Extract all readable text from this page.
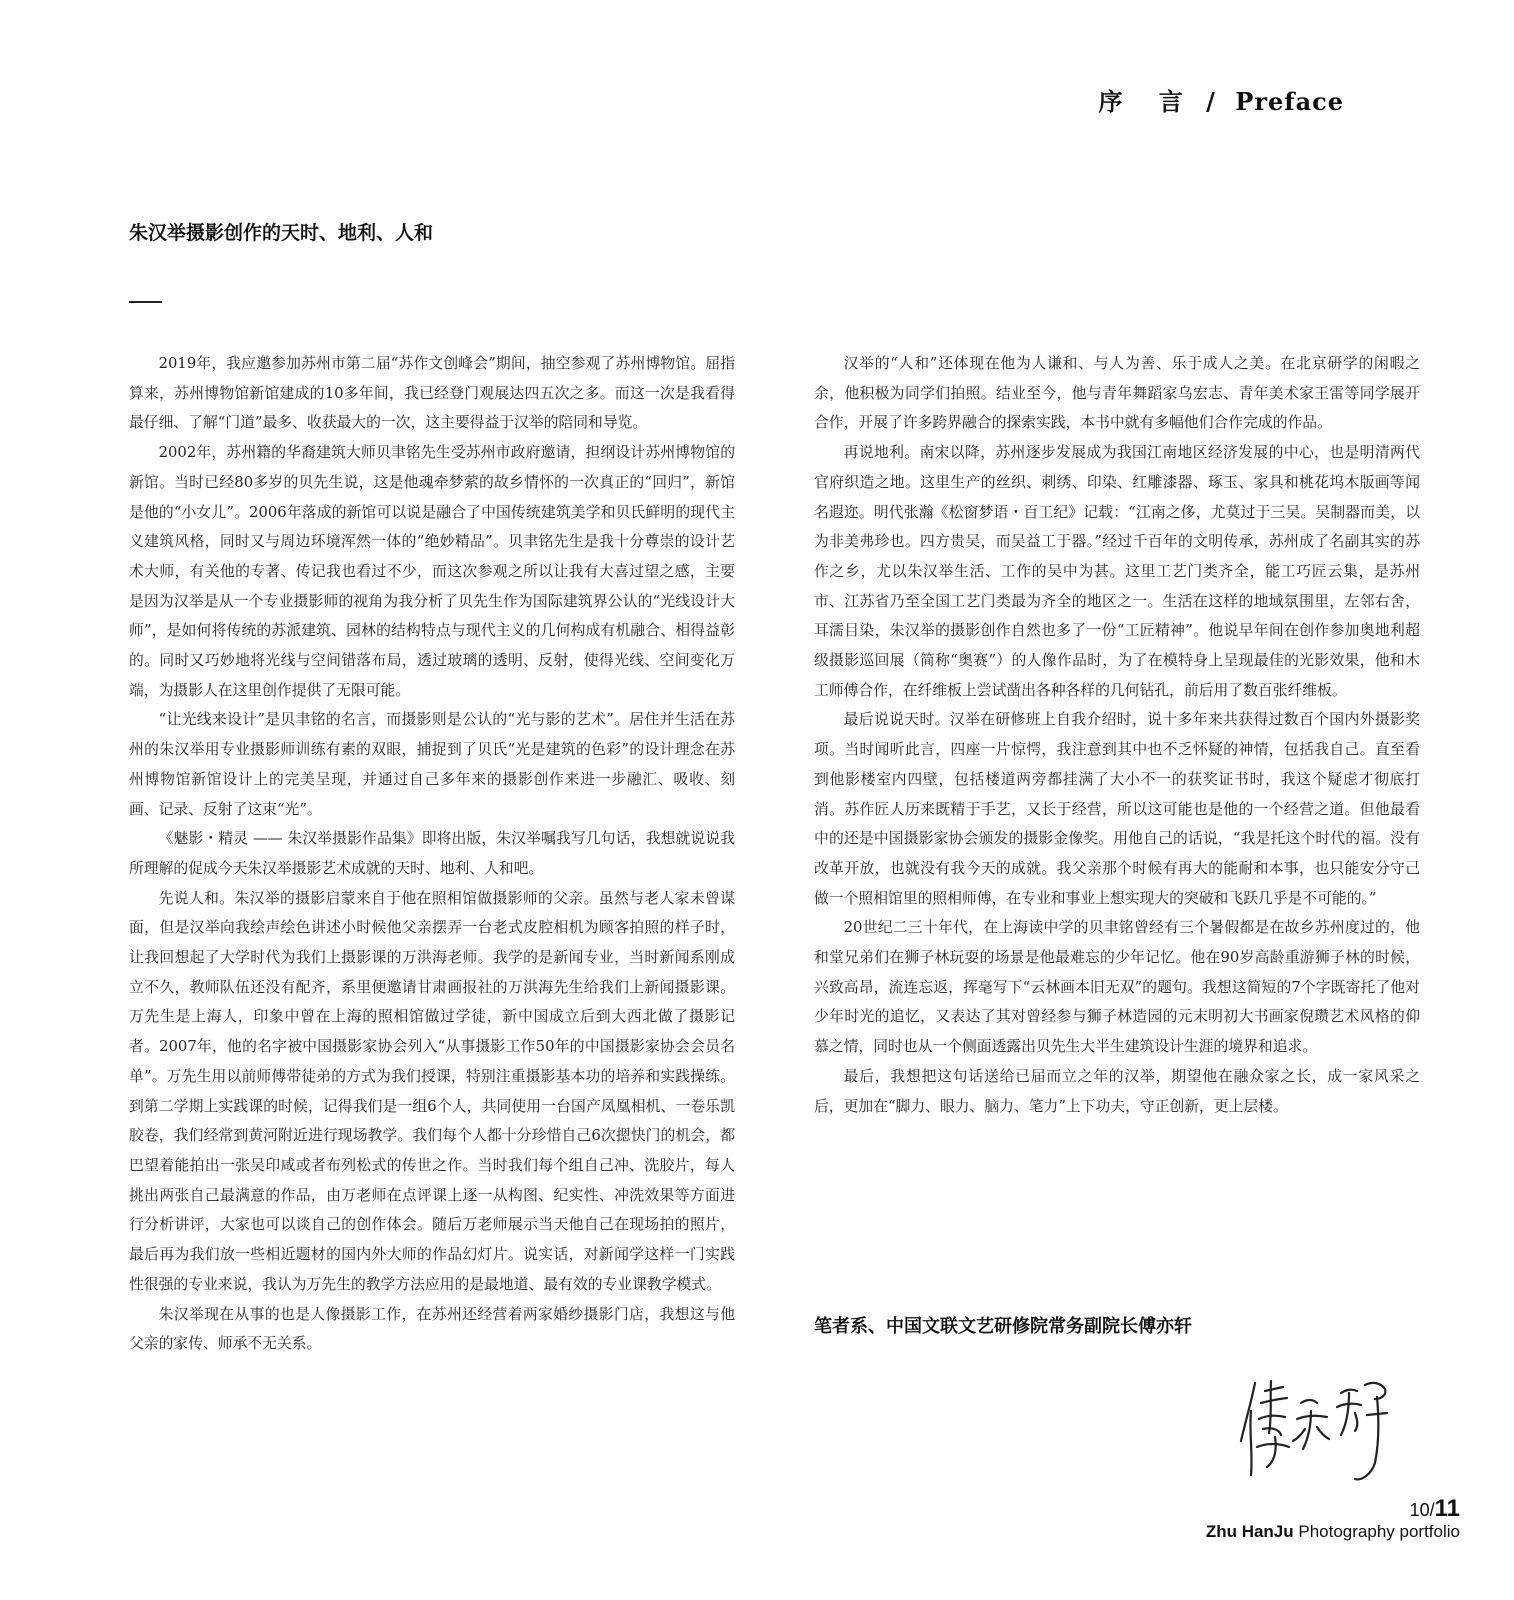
序 言 / Preface
朱汉举摄影创作的天时、地利、人和

2019年，我应邀参加苏州市第二届“苏作文创峰会”期间，抽空参观了苏州博物馆。屈指算来，苏州博物馆新馆建成的10多年间，我已经登门观展达四五次之多。而这一次是我看得最仔细、了解“门道”最多、收获最大的一次，这主要得益于汉举的陪同和导览。

2002年，苏州籍的华裔建筑大师贝聿铭先生受苏州市政府邀请，担纲设计苏州博物馆的新馆。当时已经80多岁的贝先生说，这是他魂牵梦萦的故乡情怀的一次真正的“回归”，新馆是他的“小女儿”。2006年落成的新馆可以说是融合了中国传统建筑美学和贝氏鲜明的现代主义建筑风格，同时又与周边环境浑然一体的“绝妙精品”。贝聿铭先生是我十分尊崇的设计艺术大师，有关他的专著、传记我也看过不少，而这次参观之所以让我有大喜过望之感，主要是因为汉举是从一个专业摄影师的视角为我分析了贝先生作为国际建筑界公认的“光线设计大师”，是如何将传统的苏派建筑、园林的结构特点与现代主义的几何构成有机融合、相得益彰的。同时又巧妙地将光线与空间错落布局，透过玻璃的透明、反射，使得光线、空间变化万端，为摄影人在这里创作提供了无限可能。

“让光线来设计”是贝聿铭的名言，而摄影则是公认的“光与影的艺术”。居住并生活在苏州的朱汉举用专业摄影师训练有素的双眼，捕捉到了贝氏“光是建筑的色彩”的设计理念在苏州博物馆新馆设计上的完美呈现，并通过自己多年来的摄影创作来进一步融汇、吸收、刻画、记录、反射了这束“光”。

《魅影・精灵 —— 朱汉举摄影作品集》即将出版，朱汉举嘱我写几句话，我想就说说我所理解的促成今天朱汉举摄影艺术成就的天时、地利、人和吧。

先说人和。朱汉举的摄影启蒙来自于他在照相馆做摄影师的父亲。虽然与老人家未曾谋面，但是汉举向我绘声绘色讲述小时候他父亲摆弄一台老式皮腔相机为顾客拍照的样子时，让我回想起了大学时代为我们上摄影课的万洪海老师。我学的是新闻专业，当时新闻系刚成立不久，教师队伍还没有配齐，系里便邀请甘肃画报社的万洪海先生给我们上新闻摄影课。万先生是上海人，印象中曾在上海的照相馆做过学徒，新中国成立后到大西北做了摄影记者。2007年，他的名字被中国摄影家协会列入“从事摄影工作50年的中国摄影家协会会员名单”。万先生用以前师傅带徒弟的方式为我们授课，特别注重摄影基本功的培养和实践操练。到第二学期上实践课的时候，记得我们是一组6个人，共同使用一台国产凤凰相机、一卷乐凯胶卷，我们经常到黄河附近进行现场教学。我们每个人都十分珍惜自己6次摁快门的机会，都巴望着能拍出一张吴印咸或者布列松式的传世之作。当时我们每个组自己冲、洗胶片，每人挑出两张自己最满意的作品，由万老师在点评课上逐一从构图、纪实性、冲洗效果等方面进行分析讲评，大家也可以谈自己的创作体会。随后万老师展示当天他自己在现场拍的照片，最后再为我们放一些相近题材的国内外大师的作品幻灯片。说实话，对新闻学这样一门实践性很强的专业来说，我认为万先生的教学方法应用的是最地道、最有效的专业课教学模式。

朱汉举现在从事的也是人像摄影工作，在苏州还经营着两家婚纱摄影门店，我想这与他父亲的家传、师承不无关系。

汉举的“人和”还体现在他为人谦和、与人为善、乐于成人之美。在北京研学的闲暇之余，他积极为同学们拍照。结业至今，他与青年舞蹈家乌宏志、青年美术家王雷等同学展开合作，开展了许多跨界融合的探索实践，本书中就有多幅他们合作完成的作品。

再说地利。南宋以降，苏州逐步发展成为我国江南地区经济发展的中心，也是明清两代官府织造之地。这里生产的丝织、刺绣、印染、红雕漆器、琢玉、家具和桃花坞木版画等闻名遐迩。明代张瀚《松窗梦语・百工纪》记载：“江南之侈，尤莫过于三吴。吴制器而美，以为非美弗珍也。四方贵吴，而吴益工于器。”经过千百年的文明传承，苏州成了名副其实的苏作之乡，尤以朱汉举生活、工作的吴中为甚。这里工艺门类齐全，能工巧匠云集，是苏州市、江苏省乃至全国工艺门类最为齐全的地区之一。生活在这样的地域氛围里，左邻右舍，耳濡目染，朱汉举的摄影创作自然也多了一份“工匠精神”。他说早年间在创作参加奥地利超级摄影巡回展（简称“奥赛”）的人像作品时，为了在模特身上呈现最佳的光影效果，他和木工师傅合作，在纤维板上尝试凿出各种各样的几何钻孔，前后用了数百张纤维板。

最后说说天时。汉举在研修班上自我介绍时，说十多年来共获得过数百个国内外摄影奖项。当时闻听此言，四座一片惊愕，我注意到其中也不乏怀疑的神情，包括我自己。直至看到他影楼室内四壁，包括楼道两旁都挂满了大小不一的获奖证书时，我这个疑虑才彻底打消。苏作匠人历来既精于手艺，又长于经营，所以这可能也是他的一个经营之道。但他最看中的还是中国摄影家协会颁发的摄影金像奖。用他自己的话说，“我是托这个时代的福。没有改革开放，也就没有我今天的成就。我父亲那个时候有再大的能耐和本事，也只能安分守己做一个照相馆里的照相师傅，在专业和事业上想实现大的突破和飞跃几乎是不可能的。”

20世纪二三十年代，在上海读中学的贝聿铭曾经有三个暑假都是在故乡苏州度过的，他和堂兄弟们在狮子林玩耍的场景是他最难忘的少年记忆。他在90岁高龄重游狮子林的时候，兴致高昂，流连忘返，挥毫写下“云林画本旧无双”的题句。我想这简短的7个字既寄托了他对少年时光的追忆，又表达了其对曾经参与狮子林造园的元末明初大书画家倪瓒艺术风格的仰慕之情，同时也从一个侧面透露出贝先生大半生建筑设计生涯的境界和追求。

最后，我想把这句话送给已届而立之年的汉举，期望他在融众家之长，成一家风采之后，更加在“脚力、眼力、脑力、笔力”上下功夫，守正创新，更上层楼。

笔者系、中国文联文艺研修院常务副院长傅亦轩
10/11
Zhu HanJu Photography portfolio
